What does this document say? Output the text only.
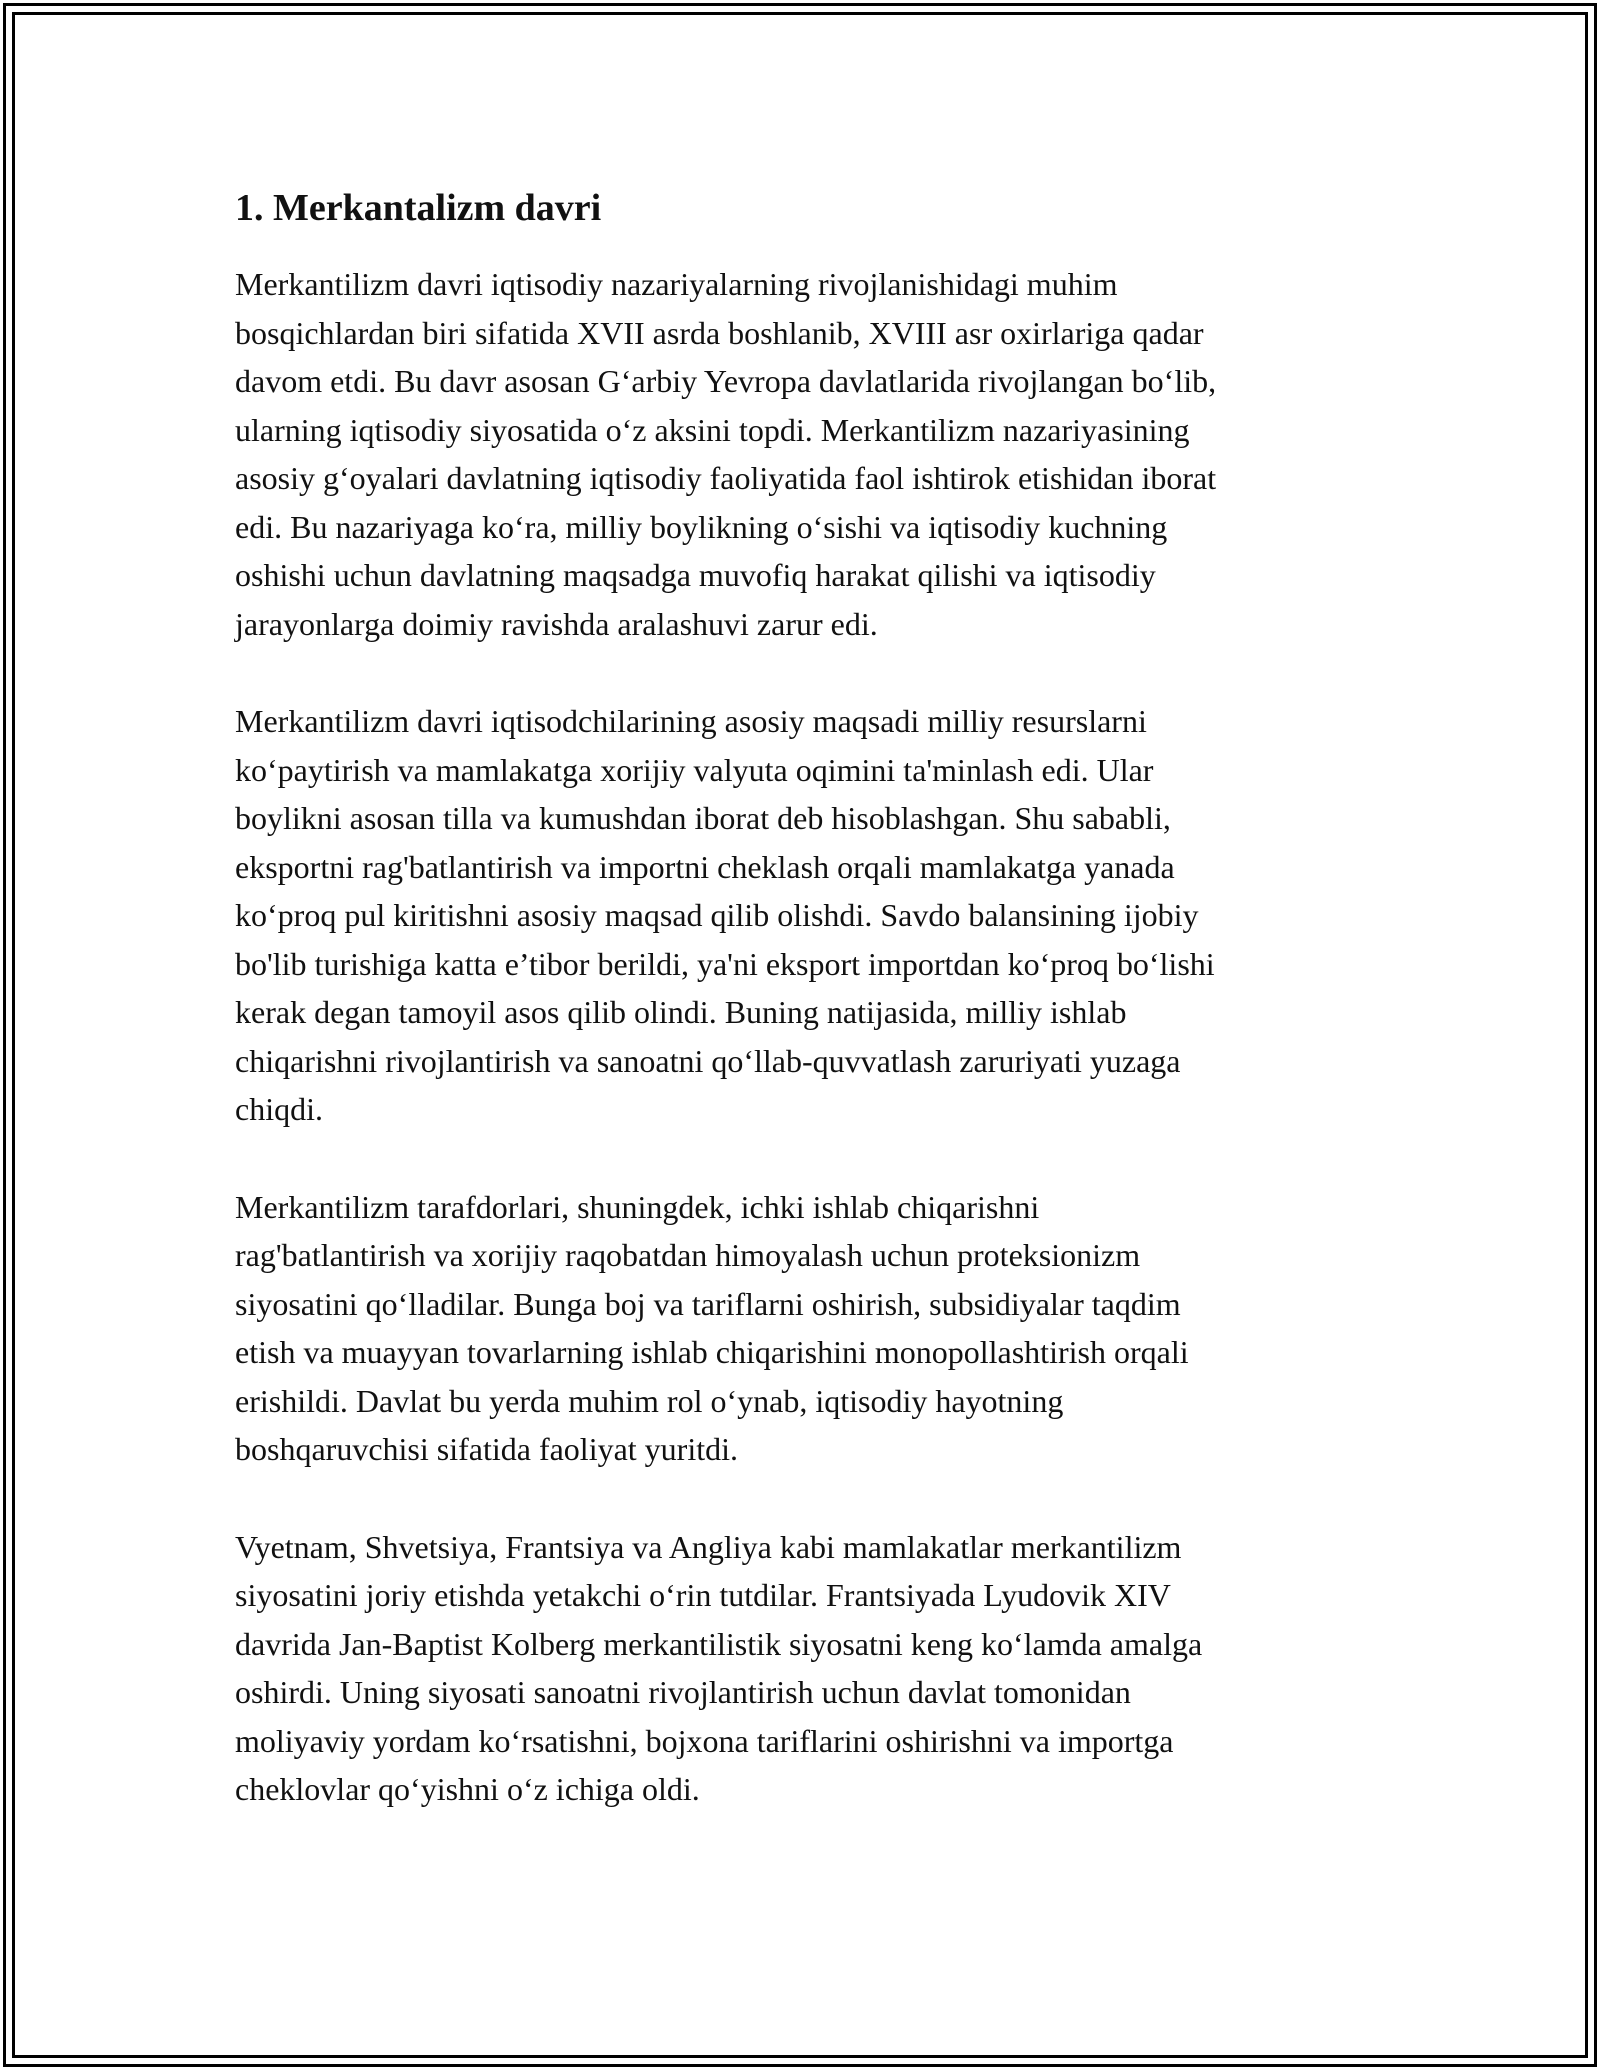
1. Merkantalizm davri

Merkantilizm davri iqtisodiy nazariyalarning rivojlanishidagi muhim
bosqichlardan biri sifatida XVII asrda boshlanib, XVIII asr oxirlariga qadar
davom etdi. Bu davr asosan G‘arbiy Yevropa davlatlarida rivojlangan bo‘lib,
ularning iqtisodiy siyosatida o‘z aksini topdi. Merkantilizm nazariyasining
asosiy g‘oyalari davlatning iqtisodiy faoliyatida faol ishtirok etishidan iborat
edi. Bu nazariyaga ko‘ra, milliy boylikning o‘sishi va iqtisodiy kuchning
oshishi uchun davlatning maqsadga muvofiq harakat qilishi va iqtisodiy
jarayonlarga doimiy ravishda aralashuvi zarur edi.

Merkantilizm davri iqtisodchilarining asosiy maqsadi milliy resurslarni
ko‘paytirish va mamlakatga xorijiy valyuta oqimini ta'minlash edi. Ular
boylikni asosan tilla va kumushdan iborat deb hisoblashgan. Shu sababli,
eksportni rag'batlantirish va importni cheklash orqali mamlakatga yanada
ko‘proq pul kiritishni asosiy maqsad qilib olishdi. Savdo balansining ijobiy
bo'lib turishiga katta e’tibor berildi, ya'ni eksport importdan ko‘proq bo‘lishi
kerak degan tamoyil asos qilib olindi. Buning natijasida, milliy ishlab
chiqarishni rivojlantirish va sanoatni qo‘llab-quvvatlash zaruriyati yuzaga
chiqdi.

Merkantilizm tarafdorlari, shuningdek, ichki ishlab chiqarishni
rag'batlantirish va xorijiy raqobatdan himoyalash uchun proteksionizm
siyosatini qo‘lladilar. Bunga boj va tariflarni oshirish, subsidiyalar taqdim
etish va muayyan tovarlarning ishlab chiqarishini monopollashtirish orqali
erishildi. Davlat bu yerda muhim rol o‘ynab, iqtisodiy hayotning
boshqaruvchisi sifatida faoliyat yuritdi.

Vyetnam, Shvetsiya, Frantsiya va Angliya kabi mamlakatlar merkantilizm
siyosatini joriy etishda yetakchi o‘rin tutdilar. Frantsiyada Lyudovik XIV
davrida Jan-Baptist Kolberg merkantilistik siyosatni keng ko‘lamda amalga
oshirdi. Uning siyosati sanoatni rivojlantirish uchun davlat tomonidan
moliyaviy yordam ko‘rsatishni, bojxona tariflarini oshirishni va importga
cheklovlar qo‘yishni o‘z ichiga oldi.
